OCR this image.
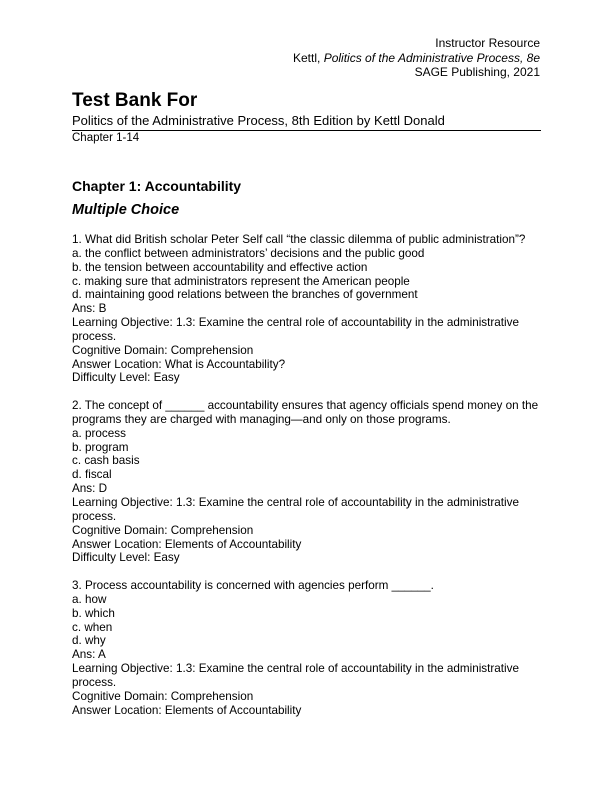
Instructor Resource
Kettl, Politics of the Administrative Process, 8e
SAGE Publishing, 2021
Test Bank For
Politics of the Administrative Process, 8th Edition by Kettl Donald
Chapter 1-14
Chapter 1: Accountability
Multiple Choice
1. What did British scholar Peter Self call “the classic dilemma of public administration”?
a. the conflict between administrators’ decisions and the public good
b. the tension between accountability and effective action
c. making sure that administrators represent the American people
d. maintaining good relations between the branches of government
Ans: B
Learning Objective: 1.3: Examine the central role of accountability in the administrative process.
Cognitive Domain: Comprehension
Answer Location: What is Accountability?
Difficulty Level: Easy
2. The concept of ______ accountability ensures that agency officials spend money on the programs they are charged with managing—and only on those programs.
a. process
b. program
c. cash basis
d. fiscal
Ans: D
Learning Objective: 1.3: Examine the central role of accountability in the administrative process.
Cognitive Domain: Comprehension
Answer Location: Elements of Accountability
Difficulty Level: Easy
3. Process accountability is concerned with agencies perform ______.
a. how
b. which
c. when
d. why
Ans: A
Learning Objective: 1.3: Examine the central role of accountability in the administrative process.
Cognitive Domain: Comprehension
Answer Location: Elements of Accountability
